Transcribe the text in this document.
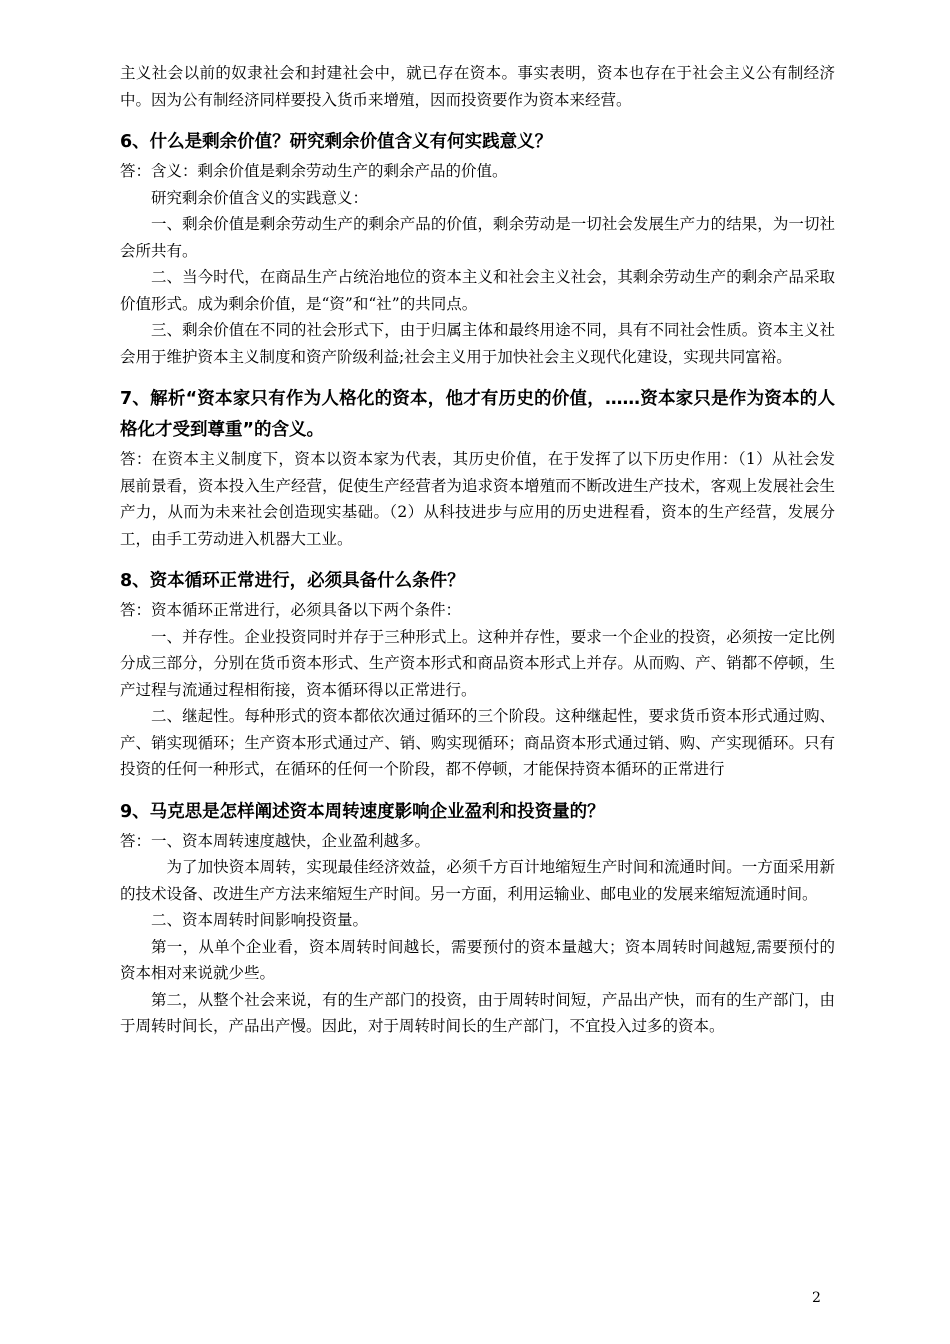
主义社会以前的奴隶社会和封建社会中，就已存在资本。事实表明，资本也存在于社会主义公有制经济中。因为公有制经济同样要投入货币来增殖，因而投资要作为资本来经营。

6、什么是剩余价值？研究剩余价值含义有何实践意义？

答：含义：剩余价值是剩余劳动生产的剩余产品的价值。

研究剩余价值含义的实践意义：

一、剩余价值是剩余劳动生产的剩余产品的价值，剩余劳动是一切社会发展生产力的结果，为一切社会所共有。

二、当今时代，在商品生产占统治地位的资本主义和社会主义社会，其剩余劳动生产的剩余产品采取价值形式。成为剩余价值，是“资”和“社”的共同点。

三、剩余价值在不同的社会形式下，由于归属主体和最终用途不同，具有不同社会性质。资本主义社会用于维护资本主义制度和资产阶级利益;社会主义用于加快社会主义现代化建设，实现共同富裕。

7、解析“资本家只有作为人格化的资本，他才有历史的价值，……资本家只是作为资本的人格化才受到尊重”的含义。

答：在资本主义制度下，资本以资本家为代表，其历史价值，在于发挥了以下历史作用：（1）从社会发展前景看，资本投入生产经营，促使生产经营者为追求资本增殖而不断改进生产技术，客观上发展社会生产力，从而为未来社会创造现实基础。（2）从科技进步与应用的历史进程看，资本的生产经营，发展分工，由手工劳动进入机器大工业。

8、资本循环正常进行，必须具备什么条件？

答：资本循环正常进行，必须具备以下两个条件：

一、并存性。企业投资同时并存于三种形式上。这种并存性，要求一个企业的投资，必须按一定比例分成三部分，分别在货币资本形式、生产资本形式和商品资本形式上并存。从而购、产、销都不停顿，生产过程与流通过程相衔接，资本循环得以正常进行。

二、继起性。每种形式的资本都依次通过循环的三个阶段。这种继起性，要求货币资本形式通过购、产、销实现循环；生产资本形式通过产、销、购实现循环；商品资本形式通过销、购、产实现循环。只有投资的任何一种形式，在循环的任何一个阶段，都不停顿，才能保持资本循环的正常进行

9、马克思是怎样阐述资本周转速度影响企业盈利和投资量的？

答：一、资本周转速度越快，企业盈利越多。

为了加快资本周转，实现最佳经济效益，必须千方百计地缩短生产时间和流通时间。一方面采用新的技术设备、改进生产方法来缩短生产时间。另一方面，利用运输业、邮电业的发展来缩短流通时间。

二、资本周转时间影响投资量。

第一，从单个企业看，资本周转时间越长，需要预付的资本量越大；资本周转时间越短,需要预付的资本相对来说就少些。

第二，从整个社会来说，有的生产部门的投资，由于周转时间短，产品出产快，而有的生产部门，由于周转时间长，产品出产慢。因此，对于周转时间长的生产部门，不宜投入过多的资本。

2
